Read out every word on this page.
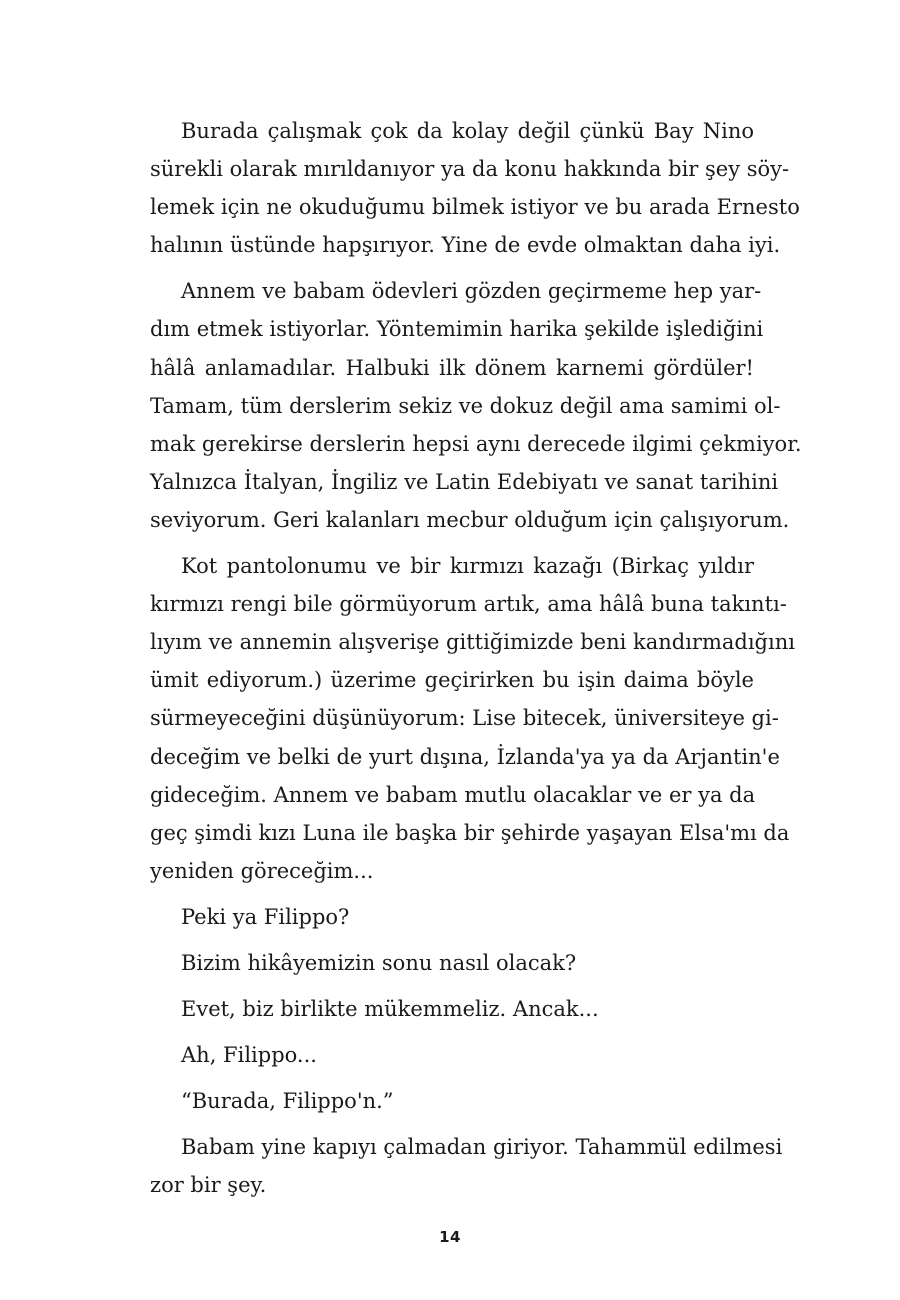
Burada çalışmak çok da kolay değil çünkü Bay Nino
sürekli olarak mırıldanıyor ya da konu hakkında bir şey söy-
lemek için ne okuduğumu bilmek istiyor ve bu arada Ernesto
halının üstünde hapşırıyor. Yine de evde olmaktan daha iyi.
Annem ve babam ödevleri gözden geçirmeme hep yar-
dım etmek istiyorlar. Yöntemimin harika şekilde işlediğini
hâlâ anlamadılar. Halbuki ilk dönem karnemi gördüler!
Tamam, tüm derslerim sekiz ve dokuz değil ama samimi ol-
mak gerekirse derslerin hepsi aynı derecede ilgimi çekmiyor.
Yalnızca İtalyan, İngiliz ve Latin Edebiyatı ve sanat tarihini
seviyorum. Geri kalanları mecbur olduğum için çalışıyorum.
Kot pantolonumu ve bir kırmızı kazağı (Birkaç yıldır
kırmızı rengi bile görmüyorum artık, ama hâlâ buna takıntı-
lıyım ve annemin alışverişe gittiğimizde beni kandırmadığını
ümit ediyorum.) üzerime geçirirken bu işin daima böyle
sürmeyeceğini düşünüyorum: Lise bitecek, üniversiteye gi-
deceğim ve belki de yurt dışına, İzlanda'ya ya da Arjantin'e
gideceğim. Annem ve babam mutlu olacaklar ve er ya da
geç şimdi kızı Luna ile başka bir şehirde yaşayan Elsa'mı da
yeniden göreceğim...
Peki ya Filippo?
Bizim hikâyemizin sonu nasıl olacak?
Evet, biz birlikte mükemmeliz. Ancak...
Ah, Filippo...
“Burada, Filippo'n.”
Babam yine kapıyı çalmadan giriyor. Tahammül edilmesi
zor bir şey.
14
